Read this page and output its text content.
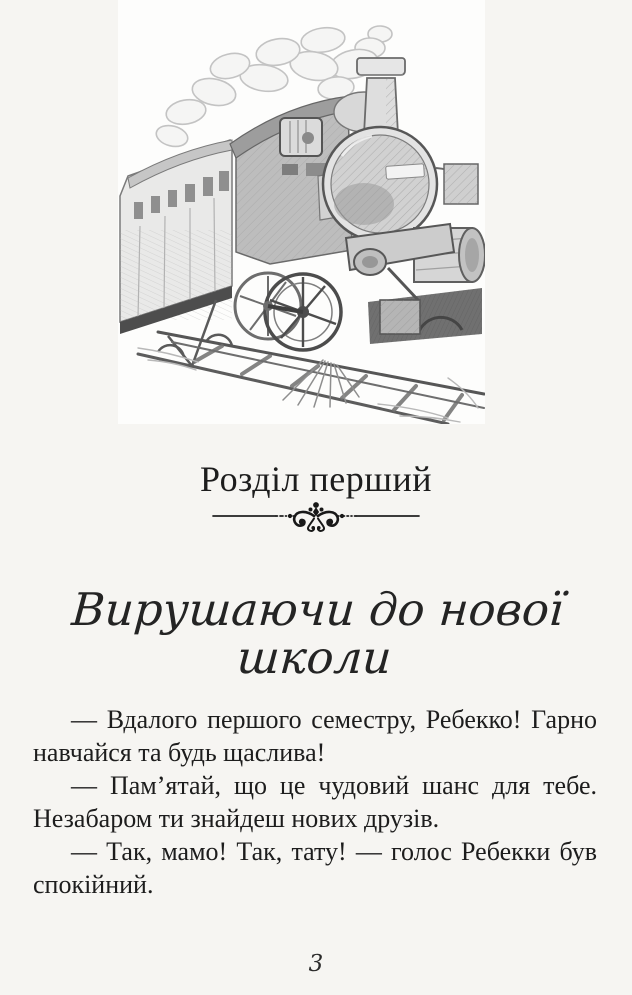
Розділ перший
Вирушаючи до нової школи
— Вдалого першого семестру, Ребекко! Гарно
навчайся та будь щаслива!
— Пам’ятай, що це чудовий шанс для тебе.
Незабаром ти знайдеш нових друзів.
— Так, мамо! Так, тату! — голос Ребекки був
спокійний.
3
